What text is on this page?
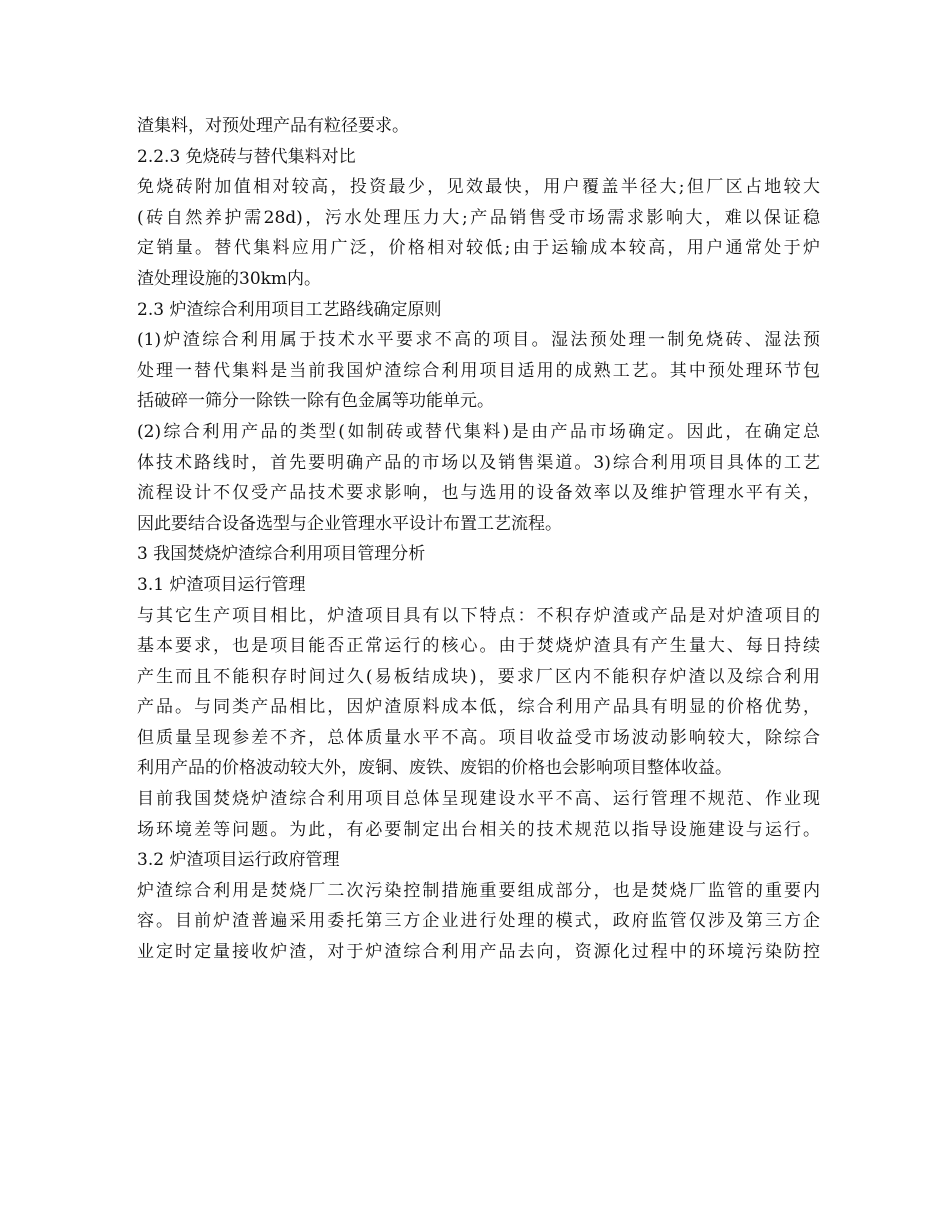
渣集料，对预处理产品有粒径要求。

2.2.3 免烧砖与替代集料对比

免烧砖附加值相对较高，投资最少，见效最快，用户覆盖半径大;但厂区占地较大

(砖自然养护需28d)，污水处理压力大;产品销售受市场需求影响大，难以保证稳

定销量。替代集料应用广泛，价格相对较低;由于运输成本较高，用户通常处于炉

渣处理设施的30km内。

2.3 炉渣综合利用项目工艺路线确定原则

(1)炉渣综合利用属于技术水平要求不高的项目。湿法预处理一制免烧砖、湿法预

处理一替代集料是当前我国炉渣综合利用项目适用的成熟工艺。其中预处理环节包

括破碎一筛分一除铁一除有色金属等功能单元。

(2)综合利用产品的类型(如制砖或替代集料)是由产品市场确定。因此，在确定总

体技术路线时，首先要明确产品的市场以及销售渠道。3)综合利用项目具体的工艺

流程设计不仅受产品技术要求影响，也与选用的设备效率以及维护管理水平有关，

因此要结合设备选型与企业管理水平设计布置工艺流程。

3 我国焚烧炉渣综合利用项目管理分析

3.1 炉渣项目运行管理

与其它生产项目相比，炉渣项目具有以下特点：不积存炉渣或产品是对炉渣项目的

基本要求，也是项目能否正常运行的核心。由于焚烧炉渣具有产生量大、每日持续

产生而且不能积存时间过久(易板结成块)，要求厂区内不能积存炉渣以及综合利用

产品。与同类产品相比，因炉渣原料成本低，综合利用产品具有明显的价格优势，

但质量呈现参差不齐，总体质量水平不高。项目收益受市场波动影响较大，除综合

利用产品的价格波动较大外，废铜、废铁、废铝的价格也会影响项目整体收益。

目前我国焚烧炉渣综合利用项目总体呈现建设水平不高、运行管理不规范、作业现

场环境差等问题。为此，有必要制定出台相关的技术规范以指导设施建设与运行。

3.2 炉渣项目运行政府管理

炉渣综合利用是焚烧厂二次污染控制措施重要组成部分，也是焚烧厂监管的重要内

容。目前炉渣普遍采用委托第三方企业进行处理的模式，政府监管仅涉及第三方企

业定时定量接收炉渣，对于炉渣综合利用产品去向，资源化过程中的环境污染防控
